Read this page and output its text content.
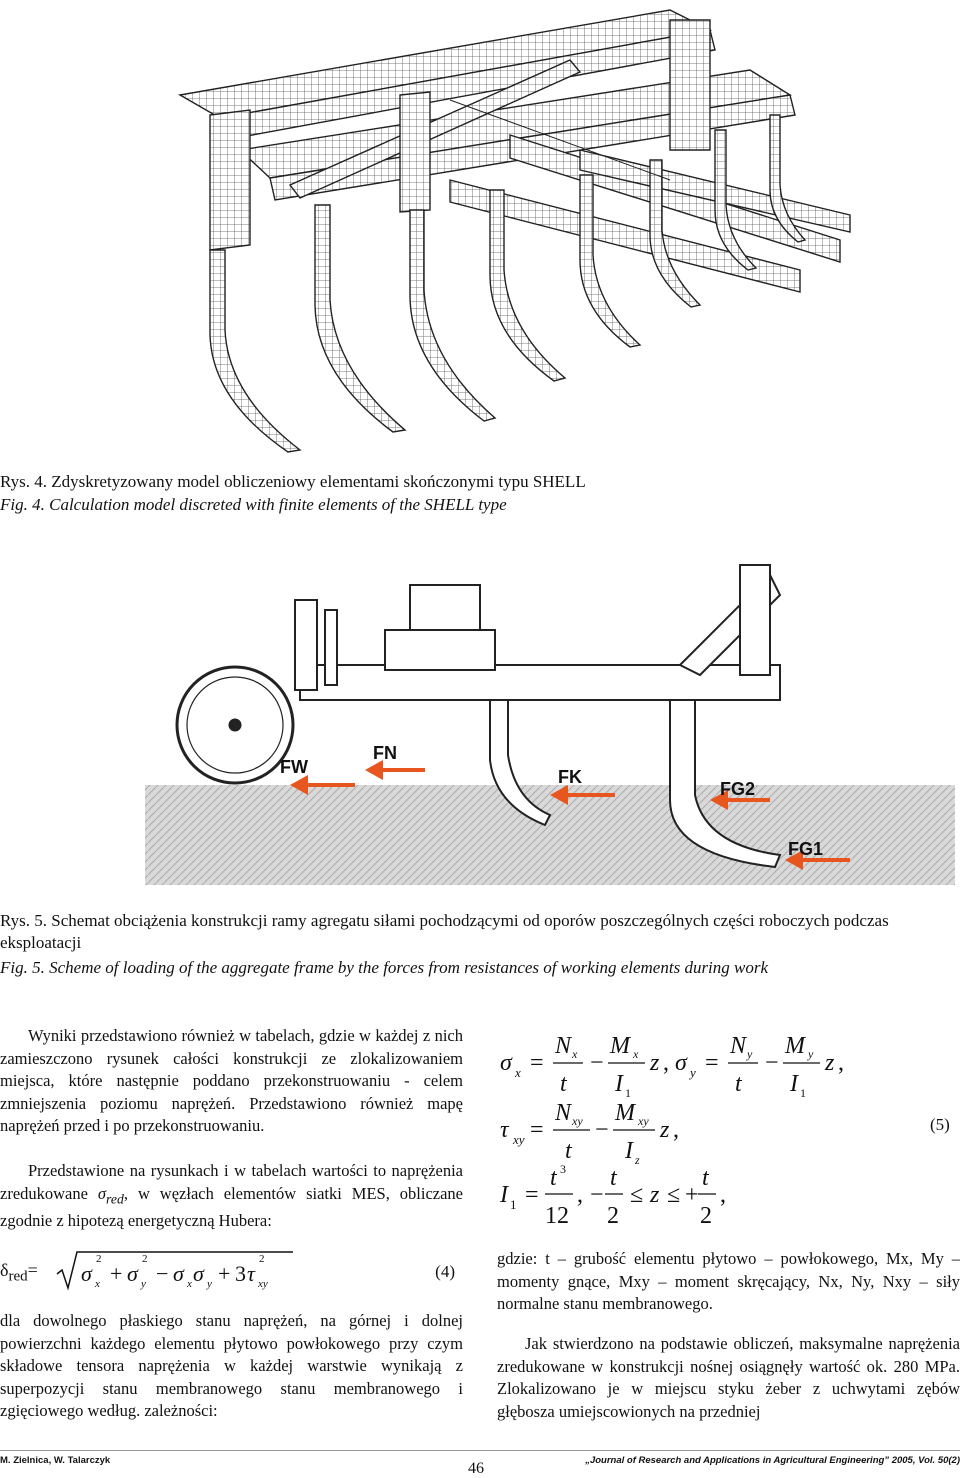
Rys. 4. Zdyskretyzowany model obliczeniowy elementami skończonymi typu SHELL
Fig. 4. Calculation model discreted with finite elements of the SHELL type
FW
FN
FK
FG2
FG1
Rys. 5. Schemat obciążenia konstrukcji ramy agregatu siłami pochodzącymi od oporów poszczególnych części roboczych podczas eksploatacji
Fig. 5. Scheme of loading of the aggregate frame by the forces from resistances of working elements during work
Wyniki przedstawiono również w tabelach, gdzie w każdej z nich zamieszczono rysunek całości konstrukcji ze zlokalizowaniem miejsca, które następnie poddano przekonstruowaniu - celem zmniejszenia poziomu naprężeń. Przedstawiono również mapę naprężeń przed i po przekonstruowaniu.
Przedstawione na rysunkach i w tabelach wartości to naprężenia zredukowane $\sigma_{red}$, w węzłach elementów siatki MES, obliczane zgodnie z hipotezą energetyczną Hubera:
$\delta_{red}= \sigma$
2
x + σ
2
y − σ x σ y + 3 τ
2
xy
(4)
dla dowolnego płaskiego stanu naprężeń, na górnej i dolnej powierzchni każdego elementu płytowo powłokowego przy czym składowe tensora naprężenia w każdej warstwie wynikają z superpozycji stanu membranowego stanu membranowego i zgięciowego według. zależności:
σ x =
N x
t
−
M x
I 1
z , σ y =
N y
t
−
M y
I 1
z ,
τ xy =
N xy
t
−
M xy
I z
z ,
I 1 =
t 3
12
, −
t
2
≤ z ≤ +
t
2
,
(5)
gdzie: t – grubość elementu płytowo – powłokowego, Mx, My – momenty gnące, Mxy – moment skręcający, Nx, Ny, Nxy – siły normalne stanu membranowego.
Jak stwierdzono na podstawie obliczeń, maksymalne naprężenia zredukowane w konstrukcji nośnej osiągnęły wartość ok. 280 MPa. Zlokalizowano je w miejscu styku żeber z uchwytami zębów głębosza umiejscowionych na przedniej
M. Zielnica, W. Talarczyk	46	„Journal of Research and Applications in Agricultural Engineering” 2005, Vol. 50(2)
